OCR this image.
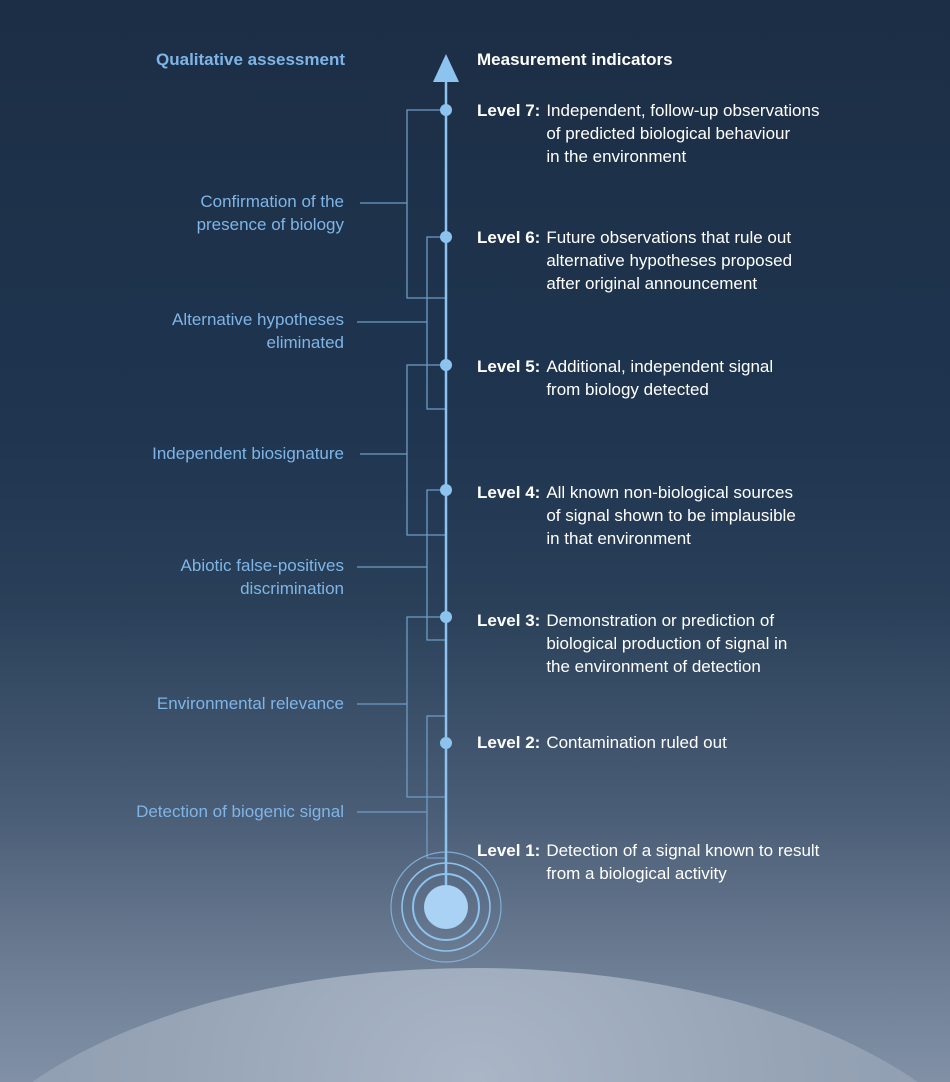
Qualitative assessment	Measurement indicators
Confirmation of the
presence of biology
Alternative hypotheses
eliminated
Independent biosignature
Abiotic false-positives
discrimination
Environmental relevance
Detection of biogenic signal
Level 7: Independent, follow-up observations
of predicted biological behaviour
in the environment
Level 6: Future observations that rule out
alternative hypotheses proposed
after original announcement
Level 5: Additional, independent signal
from biology detected
Level 4: All known non-biological sources
of signal shown to be implausible
in that environment
Level 3: Demonstration or prediction of
biological production of signal in
the environment of detection
Level 2: Contamination ruled out
Level 1: Detection of a signal known to result
from a biological activity
